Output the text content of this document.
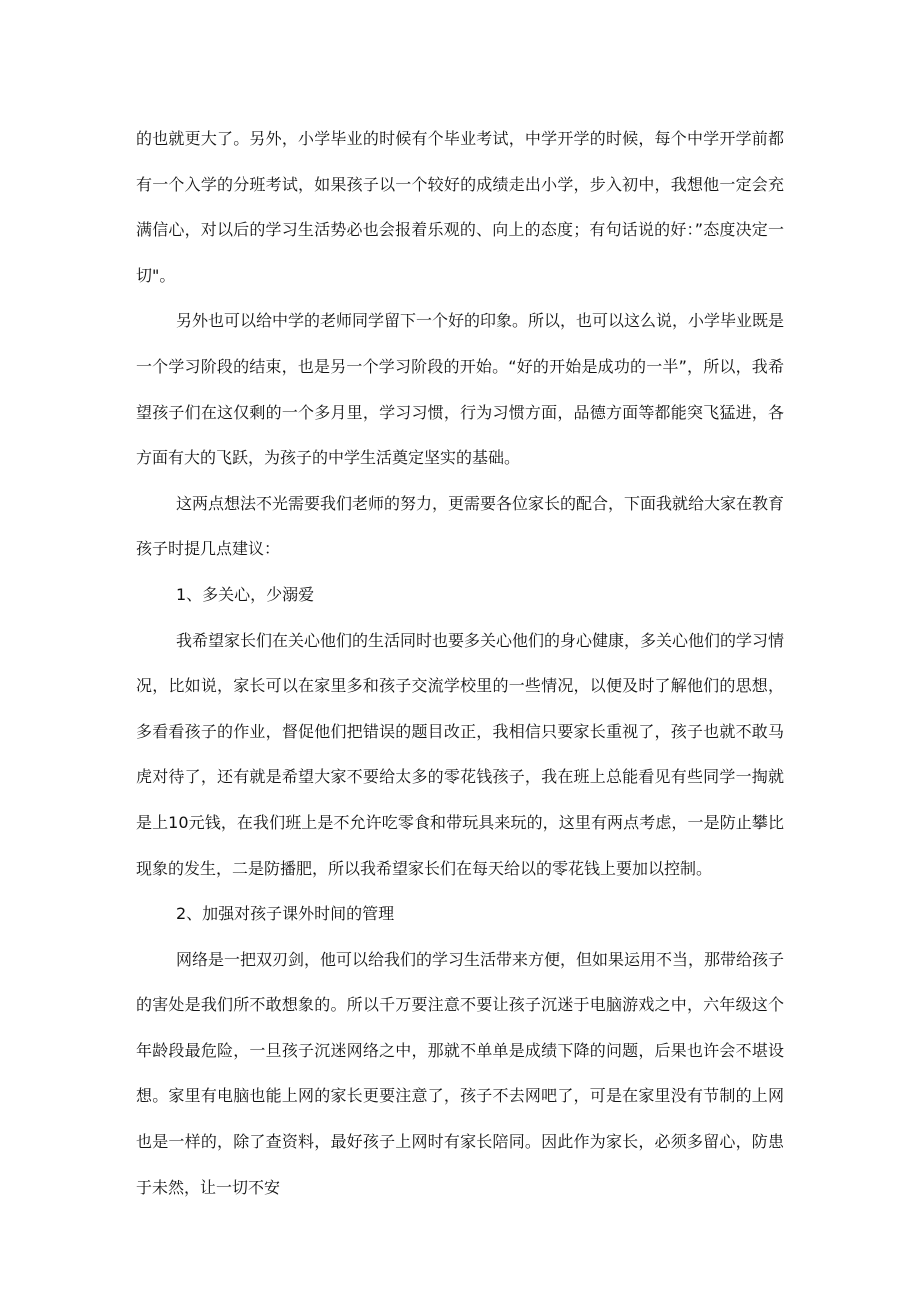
的也就更大了。另外，小学毕业的时候有个毕业考试，中学开学的时候，每个中学开学前都有一个入学的分班考试，如果孩子以一个较好的成绩走出小学，步入初中，我想他一定会充满信心，对以后的学习生活势必也会报着乐观的、向上的态度；有句话说的好：”态度决定一切"。

另外也可以给中学的老师同学留下一个好的印象。所以，也可以这么说，小学毕业既是一个学习阶段的结束，也是另一个学习阶段的开始。“好的开始是成功的一半”，所以，我希望孩子们在这仅剩的一个多月里，学习习惯，行为习惯方面，品德方面等都能突飞猛进，各方面有大的飞跃，为孩子的中学生活奠定坚实的基础。

这两点想法不光需要我们老师的努力，更需要各位家长的配合，下面我就给大家在教育孩子时提几点建议：

1、多关心，少溺爱

我希望家长们在关心他们的生活同时也要多关心他们的身心健康，多关心他们的学习情况，比如说，家长可以在家里多和孩子交流学校里的一些情况，以便及时了解他们的思想，多看看孩子的作业，督促他们把错误的题目改正，我相信只要家长重视了，孩子也就不敢马虎对待了，还有就是希望大家不要给太多的零花钱孩子，我在班上总能看见有些同学一掏就是上10元钱，在我们班上是不允许吃零食和带玩具来玩的，这里有两点考虑，一是防止攀比现象的发生，二是防播肥，所以我希望家长们在每天给以的零花钱上要加以控制。

2、加强对孩子课外时间的管理

网络是一把双刃剑，他可以给我们的学习生活带来方便，但如果运用不当，那带给孩子的害处是我们所不敢想象的。所以千万要注意不要让孩子沉迷于电脑游戏之中，六年级这个年龄段最危险，一旦孩子沉迷网络之中，那就不单单是成绩下降的问题，后果也许会不堪设想。家里有电脑也能上网的家长更要注意了，孩子不去网吧了，可是在家里没有节制的上网也是一样的，除了查资料，最好孩子上网时有家长陪同。因此作为家长，必须多留心，防患于未然，让一切不安
